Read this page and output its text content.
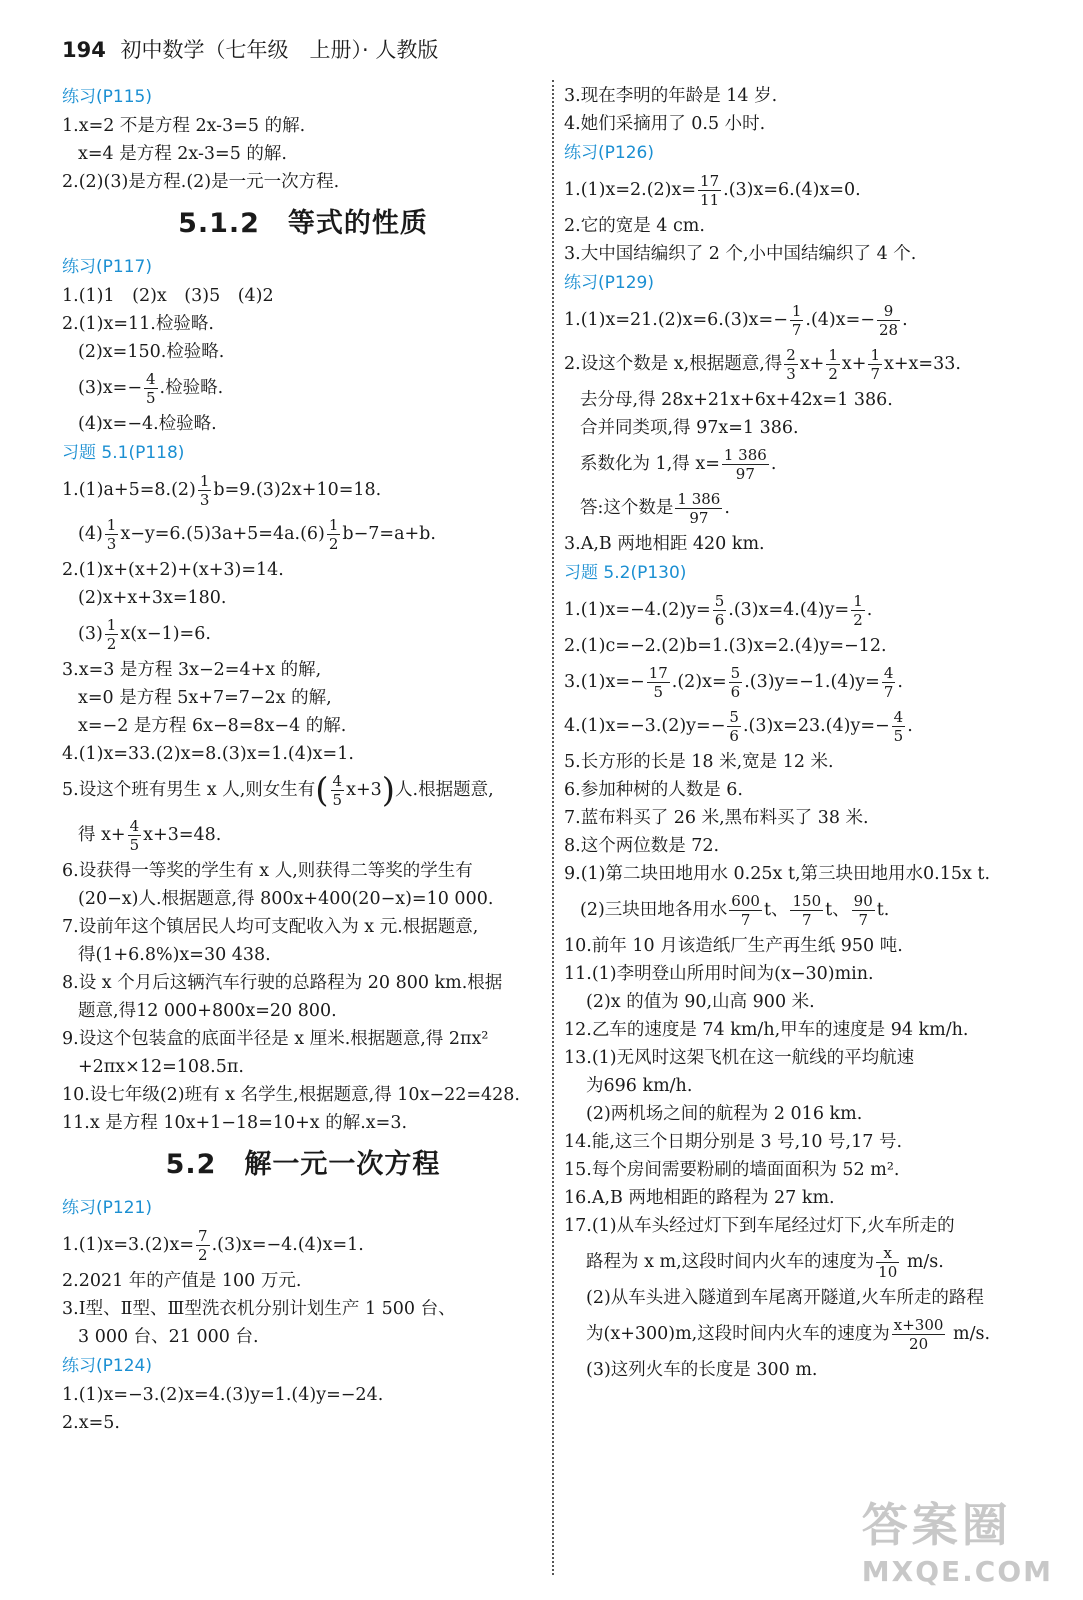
194 初中数学（七年级　上册）· 人教版
练习(P115)
1.x=2 不是方程 2x-3=5 的解.
x=4 是方程 2x-3=5 的解.
2.(2)(3)是方程.(2)是一元一次方程.
5.1.2　等式的性质
练习(P117)
1.(1)1　(2)x　(3)5　(4)2
2.(1)x=11.检验略.
(2)x=150.检验略.
$(3)x=- \frac{4}{5}$ .检验略.
(4)x=−4.检验略.
习题 5.1(P118)
$1.(1)a+5=8.(2) \frac{1}{3} b=9.(3)2x+10=18$.
$(4) \frac{1}{3} x-y=6.(5)3a+5=4a.(6) \frac{1}{2} b-7=a+b$.
2.(1)x+(x+2)+(x+3)=14.
(2)x+x+3x=180.
$(3) \frac{1}{2} x(x-1)=6$.
3.x=3 是方程 3x−2=4+x 的解,
x=0 是方程 5x+7=7−2x 的解,
x=−2 是方程 6x−8=8x−4 的解.
4.(1)x=33.(2)x=8.(3)x=1.(4)x=1.
5.设这个班有男生 x 人,则女生有( $\frac{4}{5} x+3$)人.根据题意,
得 $x+ \frac{4}{5} x+3=48$.
6.设获得一等奖的学生有 x 人,则获得二等奖的学生有
(20−x)人.根据题意,得 800x+400(20−x)=10 000.
7.设前年这个镇居民人均可支配收入为 x 元.根据题意,
得(1+6.8%)x=30 438.
8.设 x 个月后这辆汽车行驶的总路程为 20 800 km.根据
题意,得12 000+800x=20 800.
9.设这个包装盒的底面半径是 x 厘米.根据题意,得 2πx²
+2πx×12=108.5π.
10.设七年级(2)班有 x 名学生,根据题意,得 10x−22=428.
11.x 是方程 10x+1−18=10+x 的解.x=3.
5.2　解一元一次方程
练习(P121)
$1.(1)x=3.(2)x= \frac{7}{2} .(3)x=-4.(4)x=1$.
2.2021 年的产值是 100 万元.
3.Ⅰ型、Ⅱ型、Ⅲ型洗衣机分别计划生产 1 500 台、
3 000 台、21 000 台.
练习(P124)
1.(1)x=−3.(2)x=4.(3)y=1.(4)y=−24.
2.x=5.
3.现在李明的年龄是 14 岁.
4.她们采摘用了 0.5 小时.
练习(P126)
$1.(1)x=2.(2)x= \frac{17}{11} .(3)x=6.(4)x=0$.
2.它的宽是 4 cm.
3.大中国结编织了 2 个,小中国结编织了 4 个.
练习(P129)
$1.(1)x=21.(2)x=6.(3)x=- \frac{1}{7} .(4)x=- \frac{9}{28}$ .
2.设这个数是 x,根据题意,得 $\frac{2}{3} x+ \frac{1}{2} x+ \frac{1}{7} x+x=33$.
去分母,得 28x+21x+6x+42x=1 386.
合并同类项,得 97x=1 386.
系数化为 1,得 $x= \frac{1 386}{97}$ .
答:这个数是 $\frac{1 386}{97}$ .
3.A,B 两地相距 420 km.
习题 5.2(P130)
$1.(1)x=-4.(2)y= \frac{5}{6} .(3)x=4.(4)y= \frac{1}{2}$ .
2.(1)c=−2.(2)b=1.(3)x=2.(4)y=−12.
$3.(1)x=- \frac{17}{5} .(2)x= \frac{5}{6} .(3)y=-1.(4)y= \frac{4}{7}$ .
$4.(1)x=-3.(2)y=- \frac{5}{6} .(3)x=23.(4)y=- \frac{4}{5}$ .
5.长方形的长是 18 米,宽是 12 米.
6.参加种树的人数是 6.
7.蓝布料买了 26 米,黑布料买了 38 米.
8.这个两位数是 72.
9.(1)第二块田地用水 0.25x t,第三块田地用水0.15x t.
(2)三块田地各用水 $\frac{600}{7}$ t、 $\frac{150}{7}$ t、 $\frac{90}{7} t$.
10.前年 10 月该造纸厂生产再生纸 950 吨.
11.(1)李明登山所用时间为(x−30)min.
(2)x 的值为 90,山高 900 米.
12.乙车的速度是 74 km/h,甲车的速度是 94 km/h.
13.(1)无风时这架飞机在这一航线的平均航速
为696 km/h.
(2)两机场之间的航程为 2 016 km.
14.能,这三个日期分别是 3 号,10 号,17 号.
15.每个房间需要粉刷的墙面面积为 52 m².
16.A,B 两地相距的路程为 27 km.
17.(1)从车头经过灯下到车尾经过灯下,火车所走的
路程为 x m,这段时间内火车的速度为 $\frac{x}{10} m/s$.
(2)从车头进入隧道到车尾离开隧道,火车所走的路程
为(x+300)m,这段时间内火车的速度为 $\frac{x+300}{20} m/s$.
(3)这列火车的长度是 300 m.
答案圈
MXQE.COM
